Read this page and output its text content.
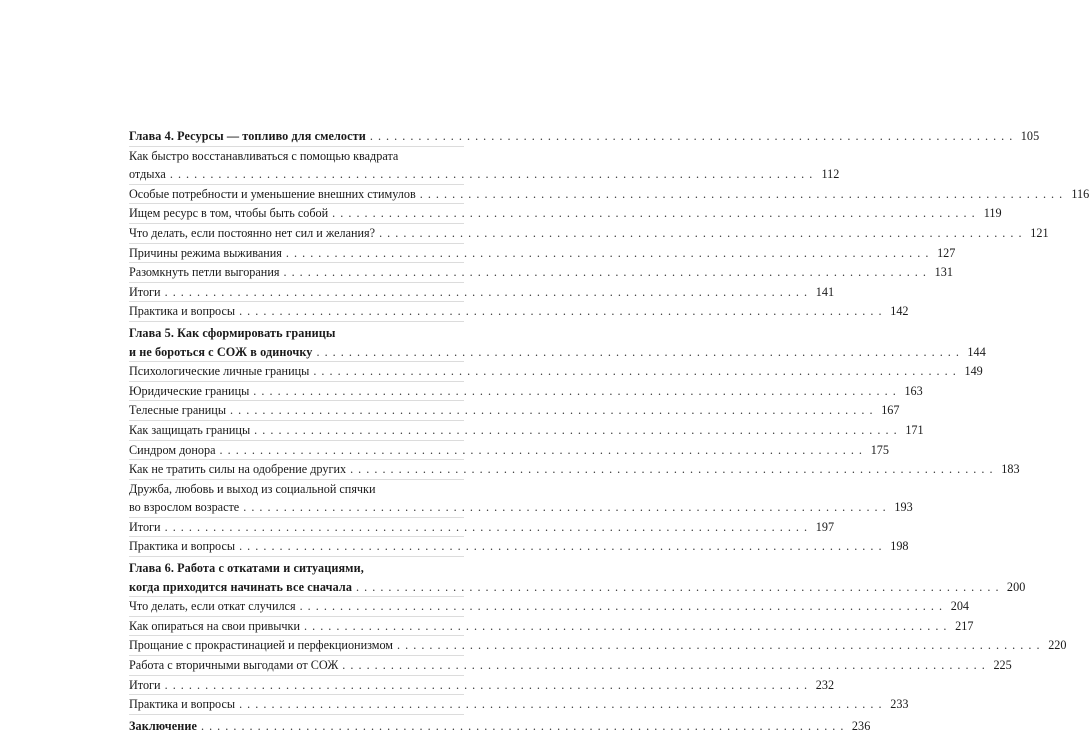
Глава 4. Ресурсы — топливо для смелости . . . . . . . . . . . . . . . . . . . . . . . . . . . . . . . . . . . . . . . . . . . . . . . . . . . . . . . . . . . . . . . . . . . . . . . . . . . . . . . . 105
Как быстро восстанавливаться с помощью квадрата
отдыха . . . . . . . . . . . . . . . . . . . . . . . . . . . . . . . . . . . . . . . . . . . . . . . . . . . . . . . . . . . . . . . . . . . . . . . . . . . . . . . . 112
Особые потребности и уменьшение внешних стимулов . . . . . . . . . . . . . . . . . . . . . . . . . . . . . . . . . . . . . . . . . . . . . . . . . . . . . . . . . . . . . . . . . . . . . . . . . . . . . . . . 116
Ищем ресурс в том, чтобы быть собой . . . . . . . . . . . . . . . . . . . . . . . . . . . . . . . . . . . . . . . . . . . . . . . . . . . . . . . . . . . . . . . . . . . . . . . . . . . . . . . . 119
Что делать, если постоянно нет сил и желания? . . . . . . . . . . . . . . . . . . . . . . . . . . . . . . . . . . . . . . . . . . . . . . . . . . . . . . . . . . . . . . . . . . . . . . . . . . . . . . . . 121
Причины режима выживания . . . . . . . . . . . . . . . . . . . . . . . . . . . . . . . . . . . . . . . . . . . . . . . . . . . . . . . . . . . . . . . . . . . . . . . . . . . . . . . . 127
Разомкнуть петли выгорания . . . . . . . . . . . . . . . . . . . . . . . . . . . . . . . . . . . . . . . . . . . . . . . . . . . . . . . . . . . . . . . . . . . . . . . . . . . . . . . . 131
Итоги . . . . . . . . . . . . . . . . . . . . . . . . . . . . . . . . . . . . . . . . . . . . . . . . . . . . . . . . . . . . . . . . . . . . . . . . . . . . . . . . 141
Практика и вопросы . . . . . . . . . . . . . . . . . . . . . . . . . . . . . . . . . . . . . . . . . . . . . . . . . . . . . . . . . . . . . . . . . . . . . . . . . . . . . . . . 142
Глава 5. Как сформировать границы
и не бороться с СОЖ в одиночку . . . . . . . . . . . . . . . . . . . . . . . . . . . . . . . . . . . . . . . . . . . . . . . . . . . . . . . . . . . . . . . . . . . . . . . . . . . . . . . . 144
Психологические личные границы . . . . . . . . . . . . . . . . . . . . . . . . . . . . . . . . . . . . . . . . . . . . . . . . . . . . . . . . . . . . . . . . . . . . . . . . . . . . . . . . 149
Юридические границы . . . . . . . . . . . . . . . . . . . . . . . . . . . . . . . . . . . . . . . . . . . . . . . . . . . . . . . . . . . . . . . . . . . . . . . . . . . . . . . . 163
Телесные границы . . . . . . . . . . . . . . . . . . . . . . . . . . . . . . . . . . . . . . . . . . . . . . . . . . . . . . . . . . . . . . . . . . . . . . . . . . . . . . . . 167
Как защищать границы . . . . . . . . . . . . . . . . . . . . . . . . . . . . . . . . . . . . . . . . . . . . . . . . . . . . . . . . . . . . . . . . . . . . . . . . . . . . . . . . 171
Синдром донора . . . . . . . . . . . . . . . . . . . . . . . . . . . . . . . . . . . . . . . . . . . . . . . . . . . . . . . . . . . . . . . . . . . . . . . . . . . . . . . . 175
Как не тратить силы на одобрение других . . . . . . . . . . . . . . . . . . . . . . . . . . . . . . . . . . . . . . . . . . . . . . . . . . . . . . . . . . . . . . . . . . . . . . . . . . . . . . . . 183
Дружба, любовь и выход из социальной спячки
во взрослом возрасте . . . . . . . . . . . . . . . . . . . . . . . . . . . . . . . . . . . . . . . . . . . . . . . . . . . . . . . . . . . . . . . . . . . . . . . . . . . . . . . . 193
Итоги . . . . . . . . . . . . . . . . . . . . . . . . . . . . . . . . . . . . . . . . . . . . . . . . . . . . . . . . . . . . . . . . . . . . . . . . . . . . . . . . 197
Практика и вопросы . . . . . . . . . . . . . . . . . . . . . . . . . . . . . . . . . . . . . . . . . . . . . . . . . . . . . . . . . . . . . . . . . . . . . . . . . . . . . . . . 198
Глава 6. Работа с откатами и ситуациями,
когда приходится начинать все сначала . . . . . . . . . . . . . . . . . . . . . . . . . . . . . . . . . . . . . . . . . . . . . . . . . . . . . . . . . . . . . . . . . . . . . . . . . . . . . . . . 200
Что делать, если откат случился . . . . . . . . . . . . . . . . . . . . . . . . . . . . . . . . . . . . . . . . . . . . . . . . . . . . . . . . . . . . . . . . . . . . . . . . . . . . . . . . 204
Как опираться на свои привычки . . . . . . . . . . . . . . . . . . . . . . . . . . . . . . . . . . . . . . . . . . . . . . . . . . . . . . . . . . . . . . . . . . . . . . . . . . . . . . . . 217
Прощание с прокрастинацией и перфекционизмом . . . . . . . . . . . . . . . . . . . . . . . . . . . . . . . . . . . . . . . . . . . . . . . . . . . . . . . . . . . . . . . . . . . . . . . . . . . . . . . . 220
Работа с вторичными выгодами от СОЖ . . . . . . . . . . . . . . . . . . . . . . . . . . . . . . . . . . . . . . . . . . . . . . . . . . . . . . . . . . . . . . . . . . . . . . . . . . . . . . . . 225
Итоги . . . . . . . . . . . . . . . . . . . . . . . . . . . . . . . . . . . . . . . . . . . . . . . . . . . . . . . . . . . . . . . . . . . . . . . . . . . . . . . . 232
Практика и вопросы . . . . . . . . . . . . . . . . . . . . . . . . . . . . . . . . . . . . . . . . . . . . . . . . . . . . . . . . . . . . . . . . . . . . . . . . . . . . . . . . 233
Заключение . . . . . . . . . . . . . . . . . . . . . . . . . . . . . . . . . . . . . . . . . . . . . . . . . . . . . . . . . . . . . . . . . . . . . . . . . . . . . . . . 236
